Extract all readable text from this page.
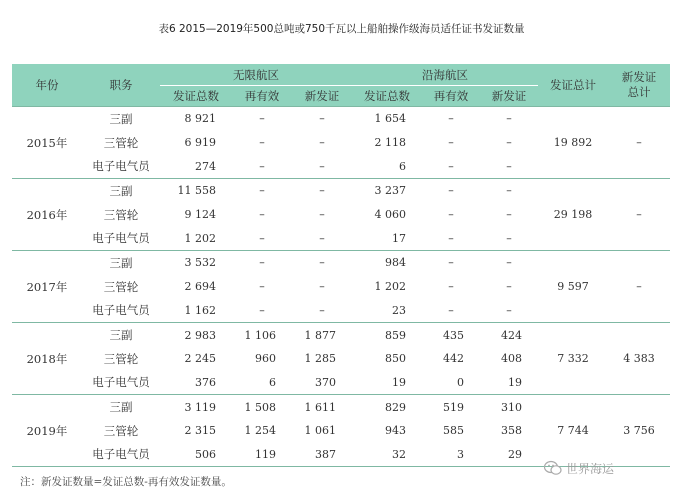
表6 2015—2019年500总吨或750千瓦以上船舶操作级海员适任证书发证数量
年份	职务	无限航区			沿海航区			发证总计	新发证总计
		发证总数	再有效	新发证	发证总数	再有效	新发证		
2015年	三副	8 921	–	–	1 654	–	–	19 892	–
	三管轮	6 919	–	–	2 118	–	–		
	电子电气员	274	–	–	6	–	–		
2016年	三副	11 558	–	–	3 237	–	–	29 198	–
	三管轮	9 124	–	–	4 060	–	–		
	电子电气员	1 202	–	–	17	–	–		
2017年	三副	3 532	–	–	984	–	–	9 597	–
	三管轮	2 694	–	–	1 202	–	–		
	电子电气员	1 162	–	–	23	–	–		
2018年	三副	2 983	1 106	1 877	859	435	424	7 332	4 383
	三管轮	2 245	960	1 285	850	442	408		
	电子电气员	376	6	370	19	0	19		
2019年	三副	3 119	1 508	1 611	829	519	310	7 744	3 756
	三管轮	2 315	1 254	1 061	943	585	358		
	电子电气员	506	119	387	32	3	29		
注：新发证数量=发证总数-再有效发证数量。
世界海运
